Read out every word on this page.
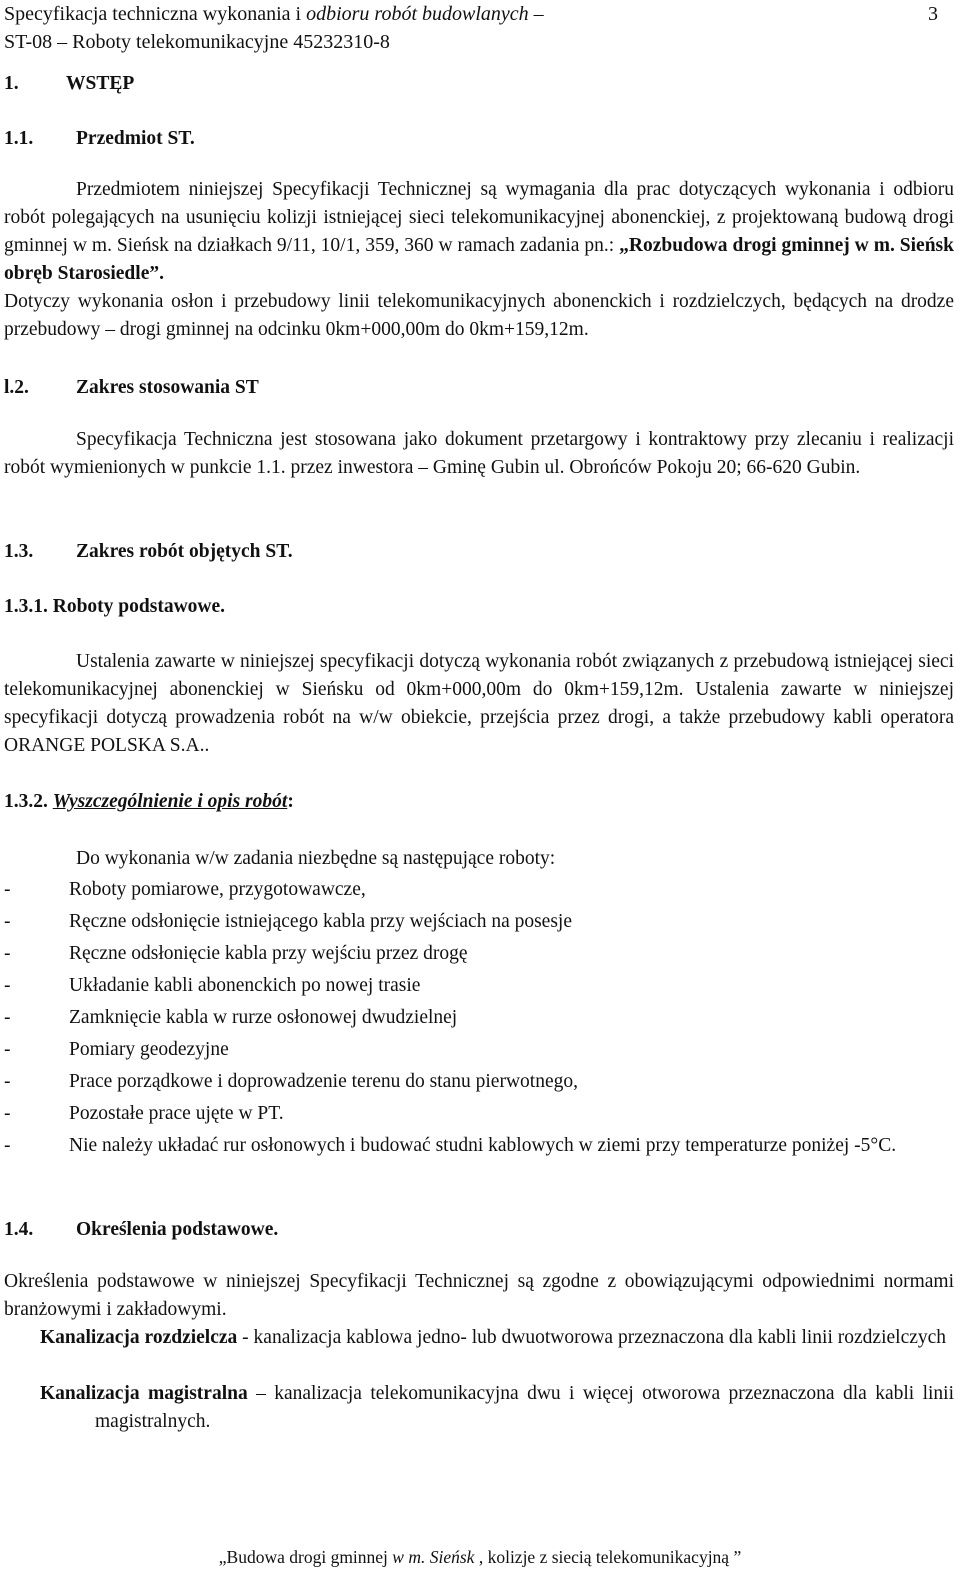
Specyfikacja techniczna wykonania i odbioru robót budowlanych –	3
ST-08 – Roboty telekomunikacyjne 45232310-8
1. WSTĘP
1.1. Przedmiot ST.
Przedmiotem niniejszej Specyfikacji Technicznej są wymagania dla prac dotyczących wykonania i odbioru robót polegających na usunięciu kolizji istniejącej sieci telekomunikacyjnej abonenckiej, z projektowaną budową drogi gminnej w m. Sieńsk na działkach 9/11, 10/1, 359, 360 w ramach zadania pn.: „Rozbudowa drogi gminnej w m. Sieńsk obręb Starosiedle”.
Dotyczy wykonania osłon i przebudowy linii telekomunikacyjnych abonenckich i rozdzielczych, będących na drodze przebudowy – drogi gminnej na odcinku 0km+000,00m do 0km+159,12m.
l.2. Zakres stosowania ST
Specyfikacja Techniczna jest stosowana jako dokument przetargowy i kontraktowy przy zlecaniu i realizacji robót wymienionych w punkcie 1.1. przez inwestora – Gminę Gubin ul. Obrońców Pokoju 20; 66-620 Gubin.
1.3. Zakres robót objętych ST.
1.3.1. Roboty podstawowe.
Ustalenia zawarte w niniejszej specyfikacji dotyczą wykonania robót związanych z przebudową istniejącej sieci telekomunikacyjnej abonenckiej w Sieńsku od 0km+000,00m do 0km+159,12m. Ustalenia zawarte w niniejszej specyfikacji dotyczą prowadzenia robót na w/w obiekcie, przejścia przez drogi, a także przebudowy kabli operatora ORANGE POLSKA S.A..
1.3.2. Wyszczególnienie i opis robót:
Do wykonania w/w zadania niezbędne są następujące roboty:
-	Roboty pomiarowe, przygotowawcze,
-	Ręczne odsłonięcie istniejącego kabla przy wejściach na posesje
-	Ręczne odsłonięcie kabla przy wejściu przez drogę
-	Układanie kabli abonenckich po nowej trasie
-	Zamknięcie kabla w rurze osłonowej dwudzielnej
-	Pomiary geodezyjne
-	Prace porządkowe i doprowadzenie terenu do stanu pierwotnego,
-	Pozostałe prace ujęte w PT.
-	Nie należy układać rur osłonowych i budować studni kablowych w ziemi przy temperaturze poniżej -5°C.
1.4. Określenia podstawowe.
Określenia podstawowe w niniejszej Specyfikacji Technicznej są zgodne z obowiązującymi odpowiednimi normami branżowymi i zakładowymi.
Kanalizacja rozdzielcza - kanalizacja kablowa jedno- lub dwuotworowa przeznaczona dla kabli linii rozdzielczych
Kanalizacja magistralna – kanalizacja telekomunikacyjna dwu i więcej otworowa przeznaczona dla kabli linii magistralnych.
„Budowa drogi gminnej w m. Sieńsk , kolizje z siecią telekomunikacyjną ”
